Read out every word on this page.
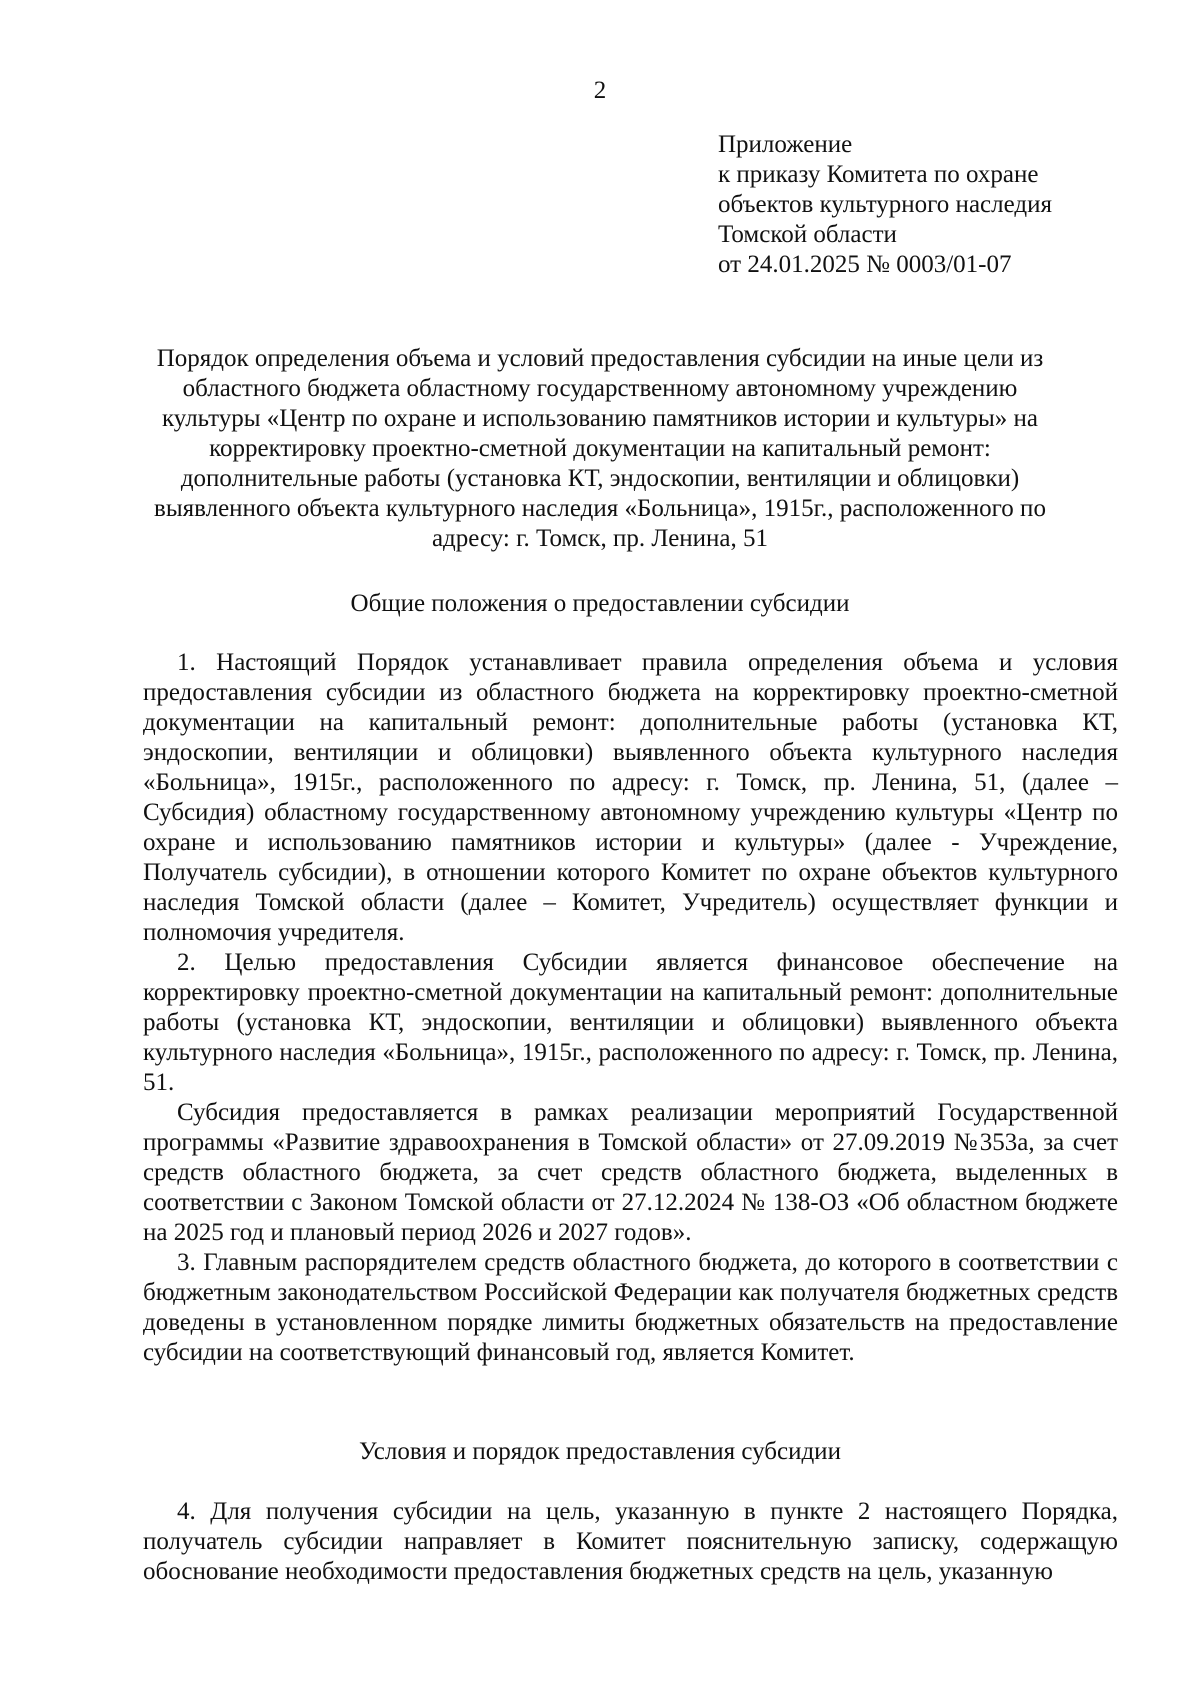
2
Приложение
к приказу Комитета по охране
объектов культурного наследия
Томской области
от 24.01.2025 № 0003/01-07
Порядок определения объема и условий предоставления субсидии на иные цели из
областного бюджета областному государственному автономному учреждению
культуры «Центр по охране и использованию памятников истории и культуры» на
корректировку проектно-сметной документации на капитальный ремонт:
дополнительные работы (установка КТ, эндоскопии, вентиляции и облицовки)
выявленного объекта культурного наследия «Больница», 1915г., расположенного по
адресу: г. Томск, пр. Ленина, 51
Общие положения о предоставлении субсидии

1. Настоящий Порядок устанавливает правила определения объема и условия предоставления субсидии из областного бюджета на корректировку проектно-сметной документации на капитальный ремонт: дополнительные работы (установка КТ, эндоскопии, вентиляции и облицовки) выявленного объекта культурного наследия «Больница», 1915г., расположенного по адресу: г. Томск, пр. Ленина, 51, (далее – Субсидия) областному государственному автономному учреждению культуры «Центр по охране и использованию памятников истории и культуры» (далее - Учреждение, Получатель субсидии), в отношении которого Комитет по охране объектов культурного наследия Томской области (далее – Комитет, Учредитель) осуществляет функции и полномочия учредителя.

2. Целью предоставления Субсидии является финансовое обеспечение на корректировку проектно-сметной документации на капитальный ремонт: дополнительные работы (установка КТ, эндоскопии, вентиляции и облицовки) выявленного объекта культурного наследия «Больница», 1915г., расположенного по адресу: г. Томск, пр. Ленина, 51.

Субсидия предоставляется в рамках реализации мероприятий Государственной программы «Развитие здравоохранения в Томской области» от 27.09.2019 №353а, за счет средств областного бюджета, за счет средств областного бюджета, выделенных в соответствии с Законом Томской области от 27.12.2024 № 138-ОЗ «Об областном бюджете на 2025 год и плановый период 2026 и 2027 годов».

3. Главным распорядителем средств областного бюджета, до которого в соответствии с бюджетным законодательством Российской Федерации как получателя бюджетных средств доведены в установленном порядке лимиты бюджетных обязательств на предоставление субсидии на соответствующий финансовый год, является Комитет.

Условия и порядок предоставления субсидии

4. Для получения субсидии на цель, указанную в пункте 2 настоящего Порядка, получатель субсидии направляет в Комитет пояснительную записку, содержащую обоснование необходимости предоставления бюджетных средств на цель, указанную
